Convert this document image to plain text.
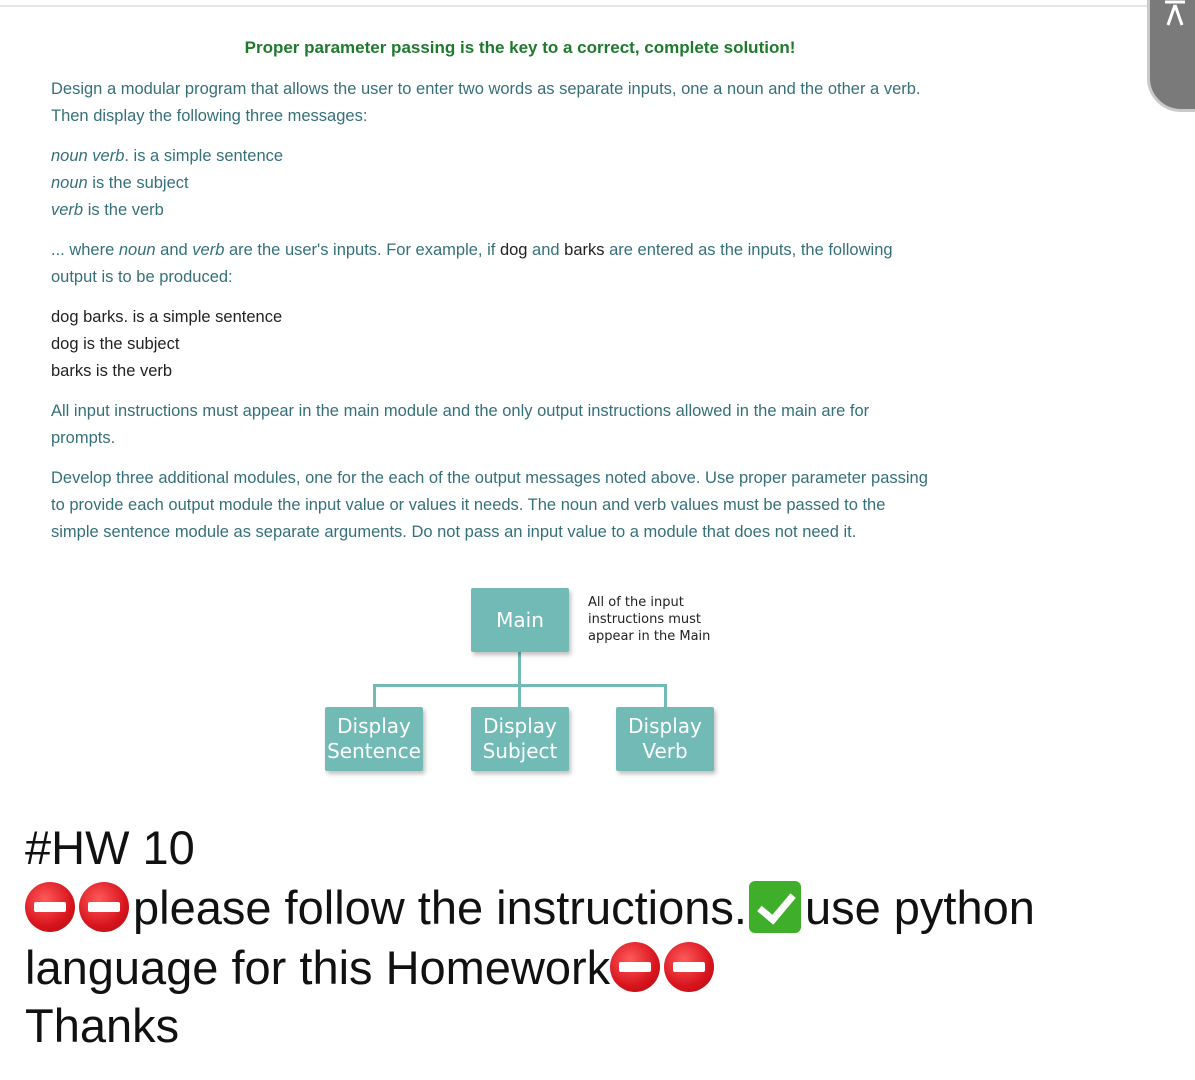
Proper parameter passing is the key to a correct, complete solution!

Design a modular program that allows the user to enter two words as separate inputs, one a noun and the other a verb.
Then display the following three messages:

noun verb. is a simple sentence
noun is the subject
verb is the verb

... where noun and verb are the user's inputs. For example, if dog and barks are entered as the inputs, the following
output is to be produced:

dog barks. is a simple sentence
dog is the subject
barks is the verb

All input instructions must appear in the main module and the only output instructions allowed in the main are for
prompts.

Develop three additional modules, one for the each of the output messages noted above. Use proper parameter passing
to provide each output module the input value or values it needs. The noun and verb values must be passed to the
simple sentence module as separate arguments. Do not pass an input value to a module that does not need it.

Main
All of the input
instructions must
appear in the Main
Display
Sentence
Display
Subject
Display
Verb
#HW 10
please follow the instructions. use python
language for this Homework
Thanks
